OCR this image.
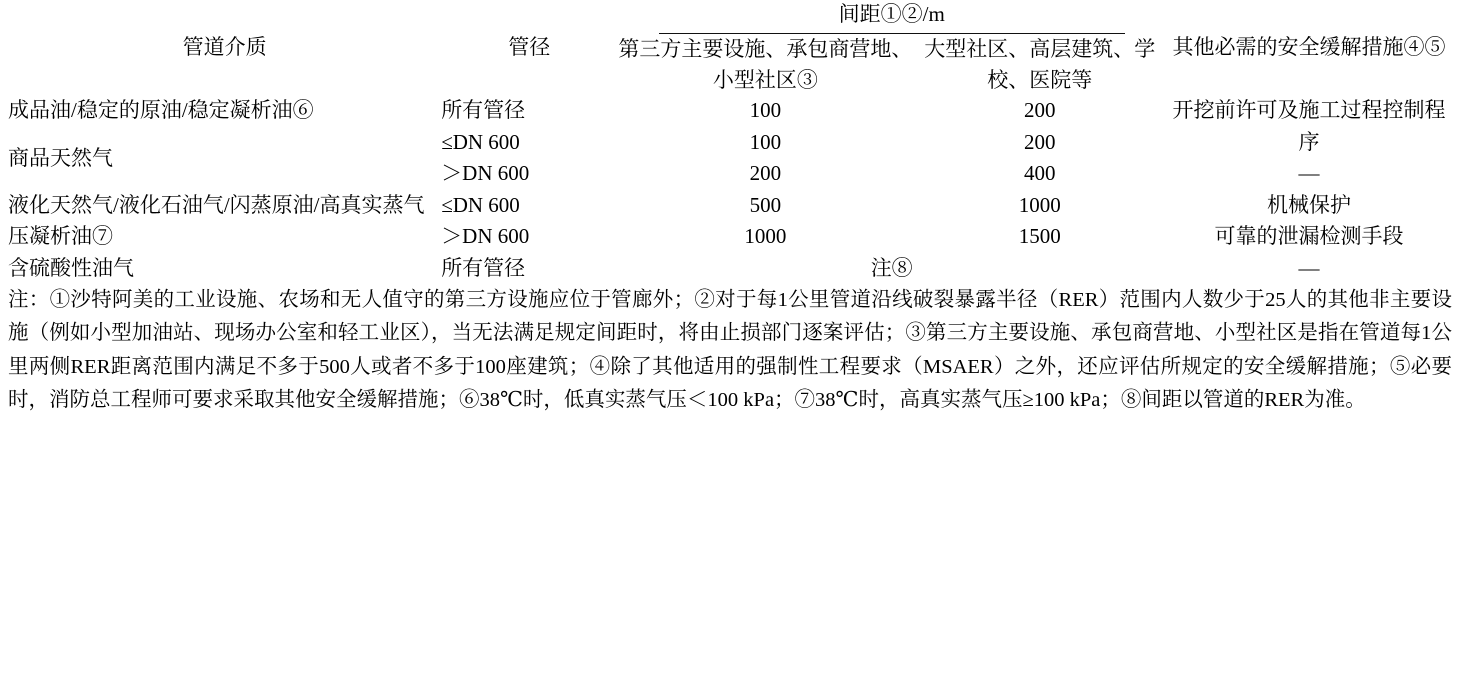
管道介质	管径	间距①②/m		其他必需的安全缓解措施④⑤
		第三方主要设施、承包商营地、小型社区③	大型社区、高层建筑、学校、医院等	
成品油/稳定的原油/稳定凝析油⑥	所有管径	100	200	开挖前许可及施工过程控制程序
商品天然气	≤DN 600	100	200	
	＞DN 600	200	400	—
液化天然气/液化石油气/闪蒸原油/高真实蒸气压凝析油⑦	≤DN 600	500	1000	机械保护
	＞DN 600	1000	1500	可靠的泄漏检测手段
含硫酸性油气	所有管径	注⑧		—
注：①沙特阿美的工业设施、农场和无人值守的第三方设施应位于管廊外；②对于每1公里管道沿线破裂暴露半径（RER）范围内人数少于25人的其他非主要设施（例如小型加油站、现场办公室和轻工业区），当无法满足规定间距时，将由止损部门逐案评估；③第三方主要设施、承包商营地、小型社区是指在管道每1公里两侧RER距离范围内满足不多于500人或者不多于100座建筑；④除了其他适用的强制性工程要求（MSAER）之外，还应评估所规定的安全缓解措施；⑤必要时，消防总工程师可要求采取其他安全缓解措施；⑥38℃时，低真实蒸气压＜100 kPa；⑦38℃时，高真实蒸气压≥100 kPa；⑧间距以管道的RER为准。				
